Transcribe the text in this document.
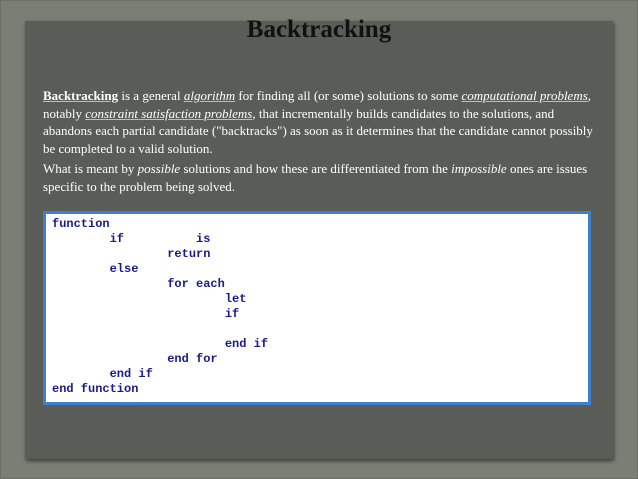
Backtracking

Backtracking is a general algorithm for finding all (or some) solutions to some computational problems, notably constraint satisfaction problems, that incrementally builds candidates to the solutions, and abandons each partial candidate ("backtracks") as soon as it determines that the candidate cannot possibly be completed to a valid solution.

What is meant by possible solutions and how these are differentiated from the impossible ones are issues specific to the problem being solved.

function
if          is
return
else
for each
let
if
end if
end for
end if
end function
